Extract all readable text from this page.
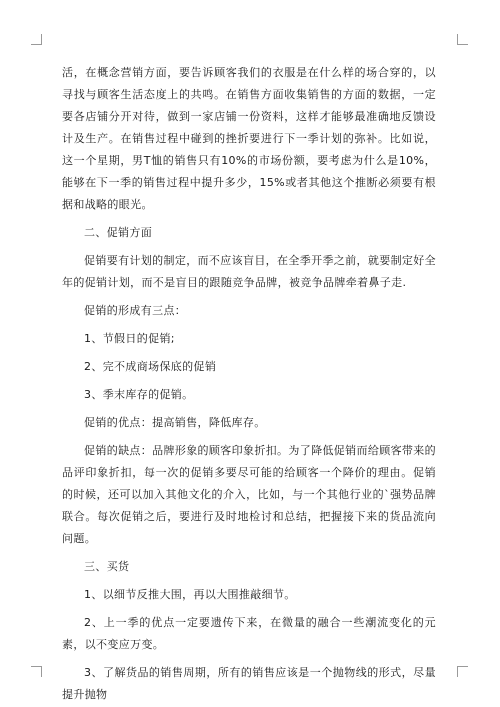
活，在概念营销方面，要告诉顾客我们的衣服是在什么样的场合穿的，以寻找与顾客生活态度上的共鸣。在销售方面收集销售的方面的数据，一定要各店铺分开对待，做到一家店铺一份资料，这样才能够最准确地反馈设计及生产。在销售过程中碰到的挫折要进行下一季计划的弥补。比如说，这一个星期，男T恤的销售只有10%的市场份额，要考虑为什么是10%，能够在下一季的销售过程中提升多少，15%或者其他这个推断必须要有根据和战略的眼光。

二、促销方面

促销要有计划的制定，而不应该盲目，在全季开季之前，就要制定好全年的促销计划，而不是盲目的跟随竞争品牌，被竞争品牌牵着鼻子走.

促销的形成有三点：

1、节假日的促销;

2、完不成商场保底的促销

3、季末库存的促销。

促销的优点：提高销售，降低库存。

促销的缺点：品牌形象的顾客印象折扣。为了降低促销而给顾客带来的品评印象折扣，每一次的促销多要尽可能的给顾客一个降价的理由。促销的时候，还可以加入其他文化的介入，比如，与一个其他行业的`强势品牌联合。每次促销之后，要进行及时地检讨和总结，把握接下来的货品流向问题。

三、买货

1、以细节反推大围，再以大围推敲细节。

2、上一季的优点一定要遗传下来，在微量的融合一些潮流变化的元素，以不变应万变。

3、了解货品的销售周期，所有的销售应该是一个抛物线的形式，尽量提升抛物
